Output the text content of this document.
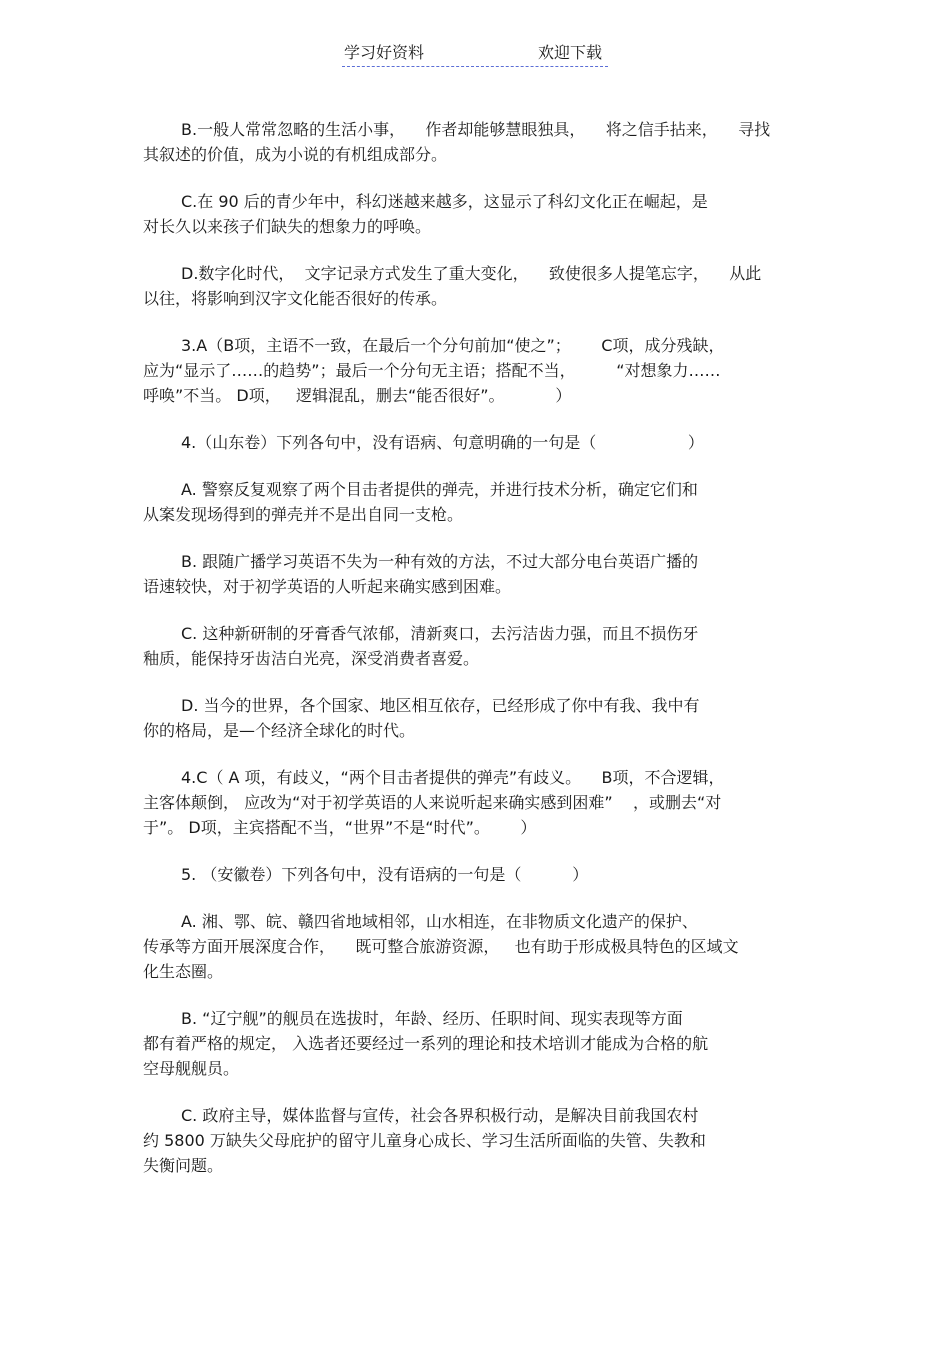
学习好资料	欢迎下载
B.一般人常常忽略的生活小事，    作者却能够慧眼独具，    将之信手拈来，    寻找
其叙述的价值，成为小说的有机组成部分。
C.在 90 后的青少年中，科幻迷越来越多，这显示了科幻文化正在崛起，是
对长久以来孩子们缺失的想象力的呼唤。
D.数字化时代，  文字记录方式发生了重大变化，    致使很多人提笔忘字，    从此
以往，将影响到汉字文化能否很好的传承。
3.A（B项，主语不一致，在最后一个分句前加“使之”；      C项，成分残缺，
应为“显示了……的趋势”；最后一个分句无主语；搭配不当，        “对想象力……
呼唤”不当。 D项，   逻辑混乱，删去“能否很好”。          ）
4.（山东卷）下列各句中，没有语病、句意明确的一句是（                  ）
A. 警察反复观察了两个目击者提供的弹壳，并进行技术分析，确定它们和
从案发现场得到的弹壳并不是出自同一支枪。
B. 跟随广播学习英语不失为一种有效的方法，不过大部分电台英语广播的
语速较快，对于初学英语的人听起来确实感到困难。
C. 这种新研制的牙膏香气浓郁，清新爽口，去污洁齿力强，而且不损伤牙
釉质，能保持牙齿洁白光亮，深受消费者喜爱。
D. 当今的世界，各个国家、地区相互依存，已经形成了你中有我、我中有
你的格局，是—个经济全球化的时代。
4.C（ A 项，有歧义，“两个目击者提供的弹壳”有歧义。    B项，不合逻辑，
主客体颠倒， 应改为“对于初学英语的人来说听起来确实感到困难”    ，或删去“对
于”。 D项，主宾搭配不当，“世界”不是“时代”。      ）
5. （安徽卷）下列各句中，没有语病的一句是（          ）
A. 湘、鄂、皖、赣四省地域相邻，山水相连，在非物质文化遗产的保护、
传承等方面开展深度合作，    既可整合旅游资源，   也有助于形成极具特色的区域文
化生态圈。
B. “辽宁舰”的舰员在选拔时，年龄、经历、任职时间、现实表现等方面
都有着严格的规定， 入选者还要经过一系列的理论和技术培训才能成为合格的航
空母舰舰员。
C. 政府主导，媒体监督与宣传，社会各界积极行动，是解决目前我国农村
约 5800 万缺失父母庇护的留守儿童身心成长、学习生活所面临的失管、失教和
失衡问题。
